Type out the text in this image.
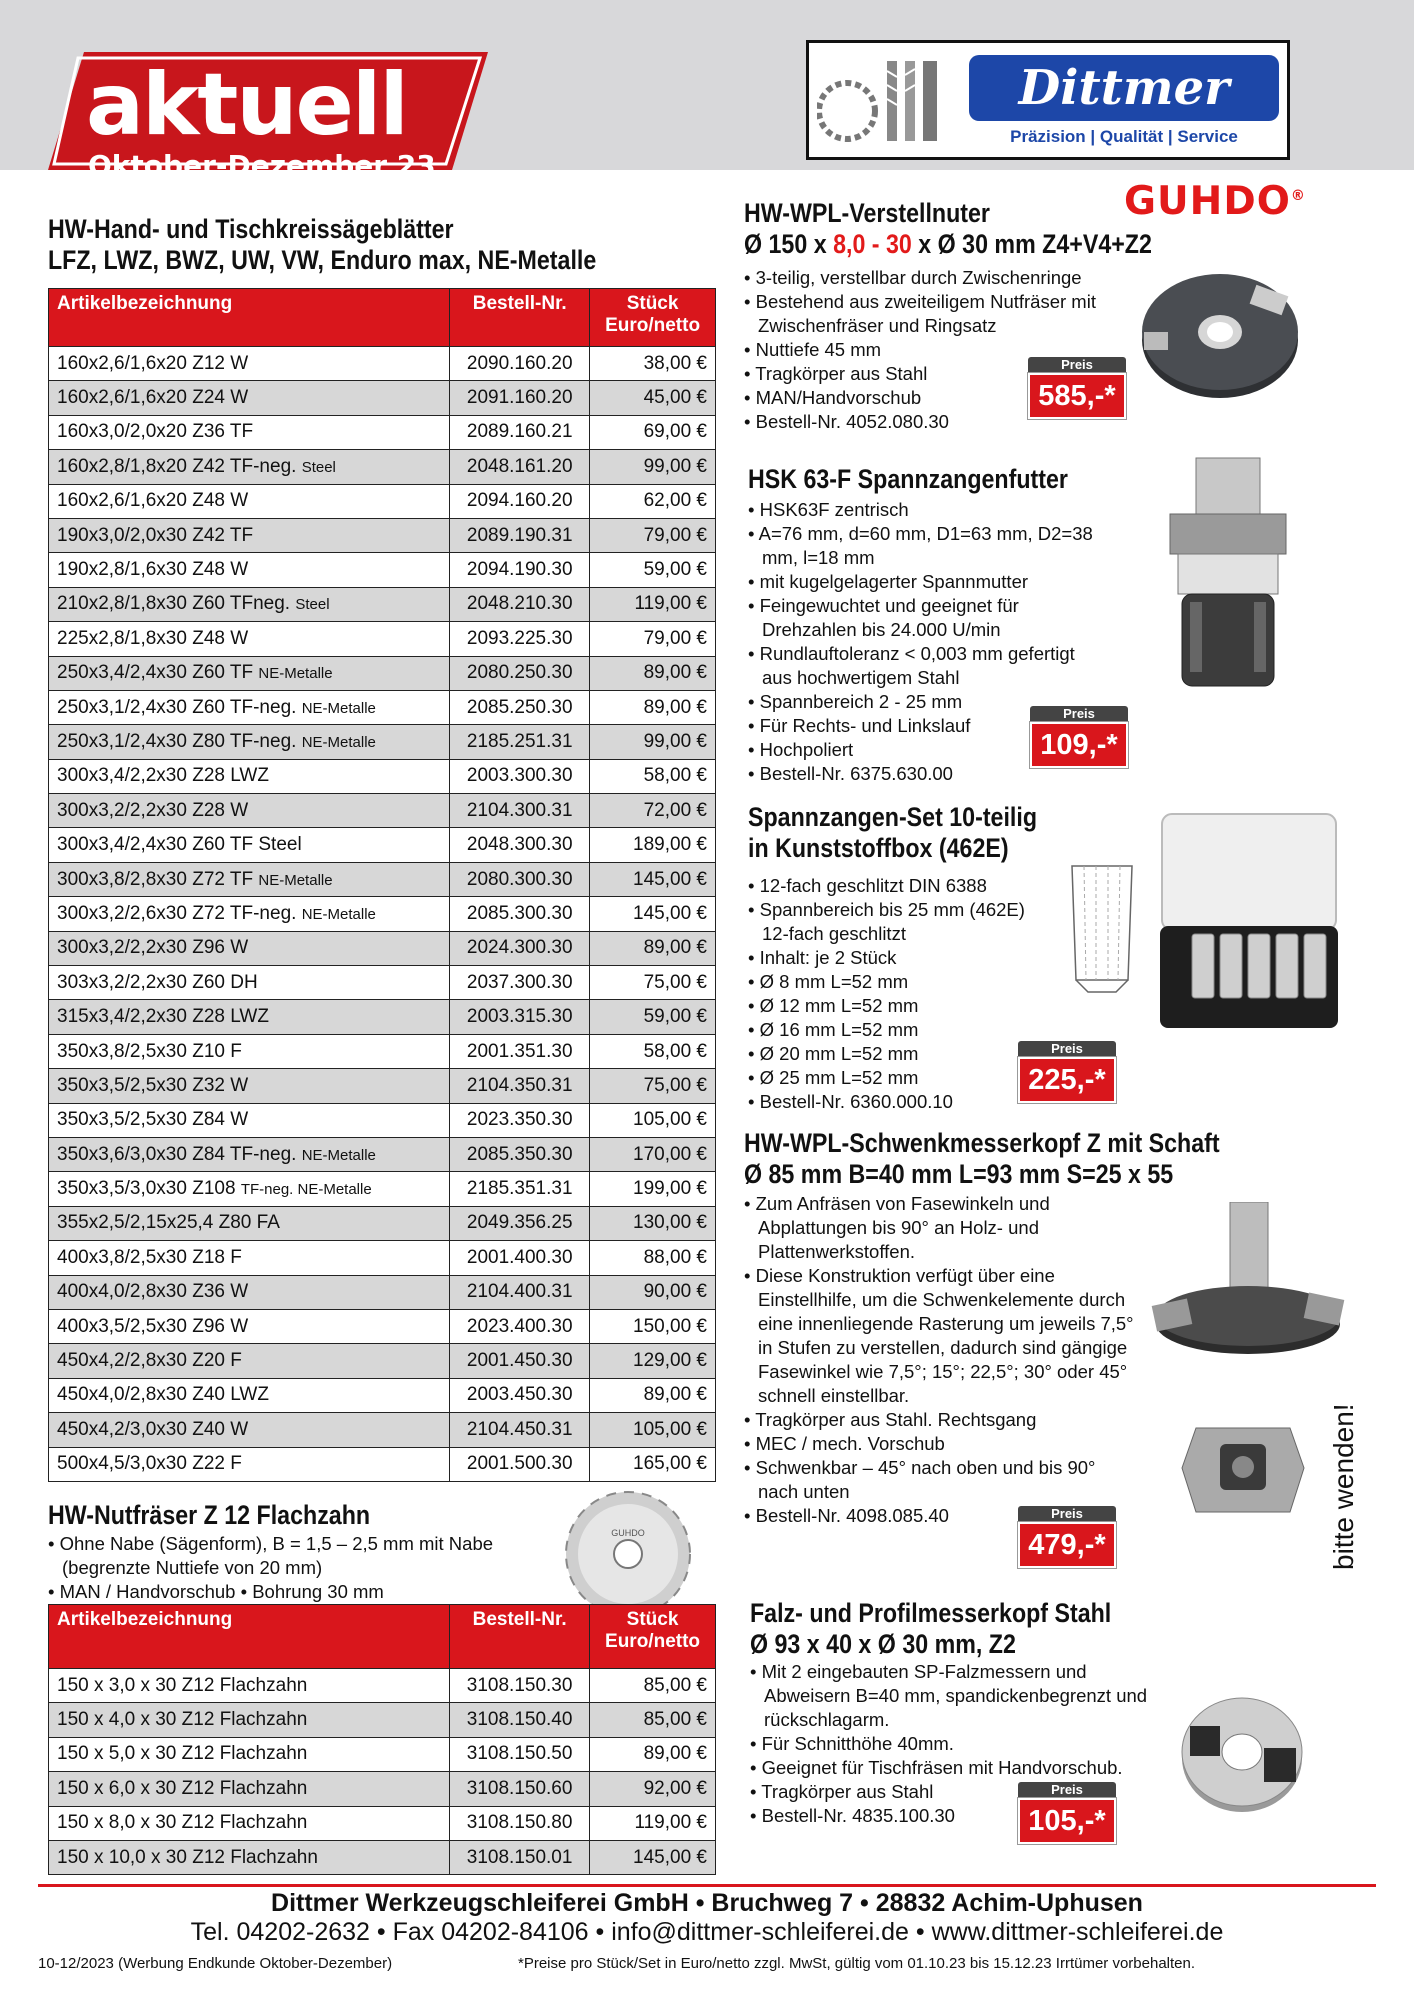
aktuell
Oktober-Dezember 23
Dittmer
Präzision | Qualität | Service
GUHDO®
HW-Hand- und Tischkreissägeblätter
LFZ, LWZ, BWZ, UW, VW, Enduro max, NE-Metalle
Artikelbezeichnung	Bestell-Nr.	Stück
Euro/netto
160x2,6/1,6x20 Z12 W	2090.160.20	38,00 €
160x2,6/1,6x20 Z24 W	2091.160.20	45,00 €
160x3,0/2,0x20 Z36 TF	2089.160.21	69,00 €
160x2,8/1,8x20 Z42 TF-neg. Steel	2048.161.20	99,00 €
160x2,6/1,6x20 Z48 W	2094.160.20	62,00 €
190x3,0/2,0x30 Z42 TF	2089.190.31	79,00 €
190x2,8/1,6x30 Z48 W	2094.190.30	59,00 €
210x2,8/1,8x30 Z60 TFneg. Steel	2048.210.30	119,00 €
225x2,8/1,8x30 Z48 W	2093.225.30	79,00 €
250x3,4/2,4x30 Z60 TF NE-Metalle	2080.250.30	89,00 €
250x3,1/2,4x30 Z60 TF-neg. NE-Metalle	2085.250.30	89,00 €
250x3,1/2,4x30 Z80 TF-neg. NE-Metalle	2185.251.31	99,00 €
300x3,4/2,2x30 Z28 LWZ	2003.300.30	58,00 €
300x3,2/2,2x30 Z28 W	2104.300.31	72,00 €
300x3,4/2,4x30 Z60 TF Steel	2048.300.30	189,00 €
300x3,8/2,8x30 Z72 TF NE-Metalle	2080.300.30	145,00 €
300x3,2/2,6x30 Z72 TF-neg. NE-Metalle	2085.300.30	145,00 €
300x3,2/2,2x30 Z96 W	2024.300.30	89,00 €
303x3,2/2,2x30 Z60 DH	2037.300.30	75,00 €
315x3,4/2,2x30 Z28 LWZ	2003.315.30	59,00 €
350x3,8/2,5x30 Z10 F	2001.351.30	58,00 €
350x3,5/2,5x30 Z32 W	2104.350.31	75,00 €
350x3,5/2,5x30 Z84 W	2023.350.30	105,00 €
350x3,6/3,0x30 Z84 TF-neg. NE-Metalle	2085.350.30	170,00 €
350x3,5/3,0x30 Z108 TF-neg. NE-Metalle	2185.351.31	199,00 €
355x2,5/2,15x25,4 Z80 FA	2049.356.25	130,00 €
400x3,8/2,5x30 Z18 F	2001.400.30	88,00 €
400x4,0/2,8x30 Z36 W	2104.400.31	90,00 €
400x3,5/2,5x30 Z96 W	2023.400.30	150,00 €
450x4,2/2,8x30 Z20 F	2001.450.30	129,00 €
450x4,0/2,8x30 Z40 LWZ	2003.450.30	89,00 €
450x4,2/3,0x30 Z40 W	2104.450.31	105,00 €
500x4,5/3,0x30 Z22 F	2001.500.30	165,00 €
HW-Nutfräser Z 12 Flachzahn
GUHDO
• Ohne Nabe (Sägenform), B = 1,5 – 2,5 mm mit Nabe (begrenzte Nuttiefe von 20 mm)
• MAN / Handvorschub • Bohrung 30 mm
Artikelbezeichnung	Bestell-Nr.	Stück
Euro/netto
150 x 3,0 x 30 Z12 Flachzahn	3108.150.30	85,00 €
150 x 4,0 x 30 Z12 Flachzahn	3108.150.40	85,00 €
150 x 5,0 x 30 Z12 Flachzahn	3108.150.50	89,00 €
150 x 6,0 x 30 Z12 Flachzahn	3108.150.60	92,00 €
150 x 8,0 x 30 Z12 Flachzahn	3108.150.80	119,00 €
150 x 10,0 x 30 Z12 Flachzahn	3108.150.01	145,00 €
HW-WPL-Verstellnuter
Ø 150 x 8,0 - 30 x Ø 30 mm Z4+V4+Z2
• 3-teilig, verstellbar durch Zwischenringe
• Bestehend aus zweiteiligem Nutfräser mit Zwischenfräser und Ringsatz
• Nuttiefe 45 mm
• Tragkörper aus Stahl
• MAN/Handvorschub
• Bestell-Nr. 4052.080.30
Preis
585,-*
HSK 63-F Spannzangenfutter
• HSK63F zentrisch
• A=76 mm, d=60 mm, D1=63 mm, D2=38 mm, l=18 mm
• mit kugelgelagerter Spannmutter
• Feingewuchtet und geeignet für Drehzahlen bis 24.000 U/min
• Rundlauftoleranz < 0,003 mm gefertigt aus hochwertigem Stahl
• Spannbereich 2 - 25 mm
• Für Rechts- und Linkslauf
• Hochpoliert
• Bestell-Nr. 6375.630.00
Preis
109,-*
Spannzangen-Set 10-teilig
in Kunststoffbox (462E)
• 12-fach geschlitzt DIN 6388
• Spannbereich bis 25 mm (462E) 12-fach geschlitzt
• Inhalt: je 2 Stück
• Ø 8 mm L=52 mm
• Ø 12 mm L=52 mm
• Ø 16 mm L=52 mm
• Ø 20 mm L=52 mm
• Ø 25 mm L=52 mm
• Bestell-Nr. 6360.000.10
Preis
225,-*
HW-WPL-Schwenkmesserkopf Z mit Schaft
Ø 85 mm B=40 mm L=93 mm S=25 x 55
• Zum Anfräsen von Fasewinkeln und Abplattungen bis 90° an Holz- und Plattenwerkstoffen.
• Diese Konstruktion verfügt über eine Einstellhilfe, um die Schwenkelemente durch eine innenliegende Rasterung um jeweils 7,5° in Stufen zu verstellen, dadurch sind gängige Fasewinkel wie 7,5°; 15°; 22,5°; 30° oder 45° schnell einstellbar.
• Tragkörper aus Stahl. Rechtsgang
• MEC / mech. Vorschub
• Schwenkbar – 45° nach oben und bis 90° nach unten
• Bestell-Nr. 4098.085.40	Preis
479,-*
Falz- und Profilmesserkopf Stahl
Ø 93 x 40 x Ø 30 mm, Z2
• Mit 2 eingebauten SP-Falzmessern und Abweisern B=40 mm, spandickenbegrenzt und rückschlagarm.
• Für Schnitthöhe 40mm.
• Geeignet für Tischfräsen mit Handvorschub.
• Tragkörper aus Stahl
• Bestell-Nr. 4835.100.30
Preis
105,-*
bitte wenden!
Dittmer Werkzeugschleiferei GmbH • Bruchweg 7 • 28832 Achim-Uphusen
Tel. 04202-2632 • Fax 04202-84106 • info@dittmer-schleiferei.de • www.dittmer-schleiferei.de
10-12/2023 (Werbung Endkunde Oktober-Dezember)	*Preise pro Stück/Set in Euro/netto zzgl. MwSt, gültig vom 01.10.23 bis 15.12.23 Irrtümer vorbehalten.
